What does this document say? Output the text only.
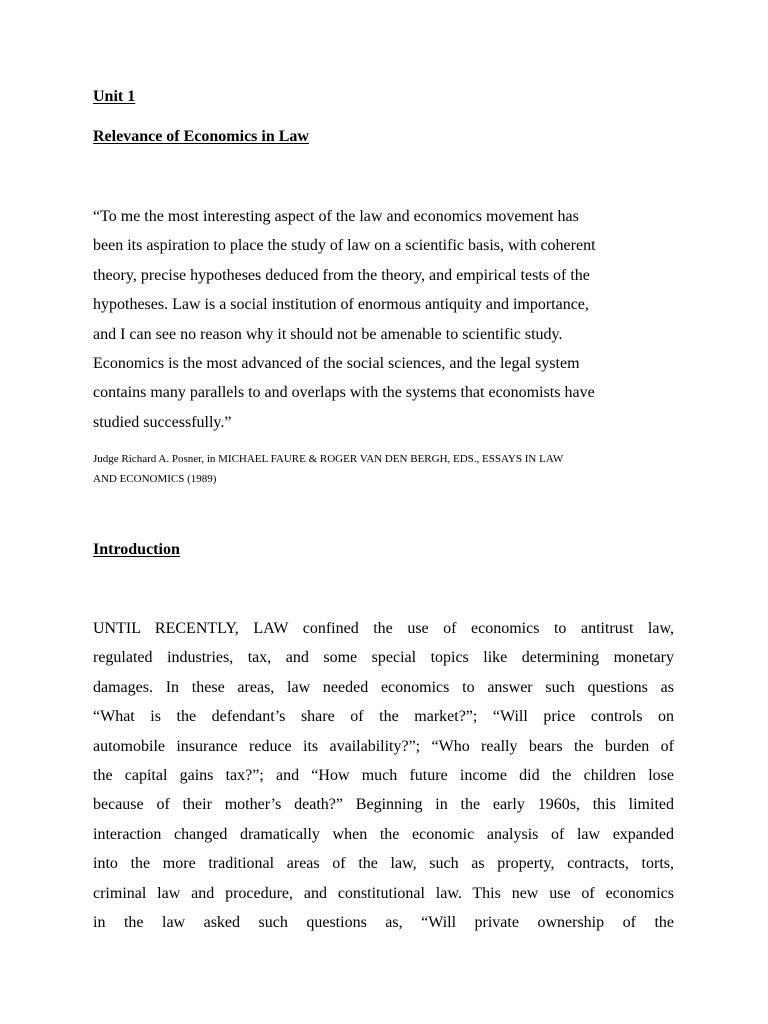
Unit 1

Relevance of Economics in Law

“To me the most interesting aspect of the law and economics movement has
been its aspiration to place the study of law on a scientific basis, with coherent
theory, precise hypotheses deduced from the theory, and empirical tests of the
hypotheses. Law is a social institution of enormous antiquity and importance,
and I can see no reason why it should not be amenable to scientific study.
Economics is the most advanced of the social sciences, and the legal system
contains many parallels to and overlaps with the systems that economists have
studied successfully.”

Judge Richard A. Posner, in MICHAEL FAURE & ROGER VAN DEN BERGH, EDS., ESSAYS IN LAW
AND ECONOMICS (1989)

Introduction

UNTIL RECENTLY, LAW confined the use of economics to antitrust law,
regulated industries, tax, and some special topics like determining monetary
damages. In these areas, law needed economics to answer such questions as
“What is the defendant’s share of the market?”; “Will price controls on
automobile insurance reduce its availability?”; “Who really bears the burden of
the capital gains tax?”; and “How much future income did the children lose
because of their mother’s death?” Beginning in the early 1960s, this limited
interaction changed dramatically when the economic analysis of law expanded
into the more traditional areas of the law, such as property, contracts, torts,
criminal law and procedure, and constitutional law. This new use of economics
in the law asked such questions as, “Will private ownership of the
